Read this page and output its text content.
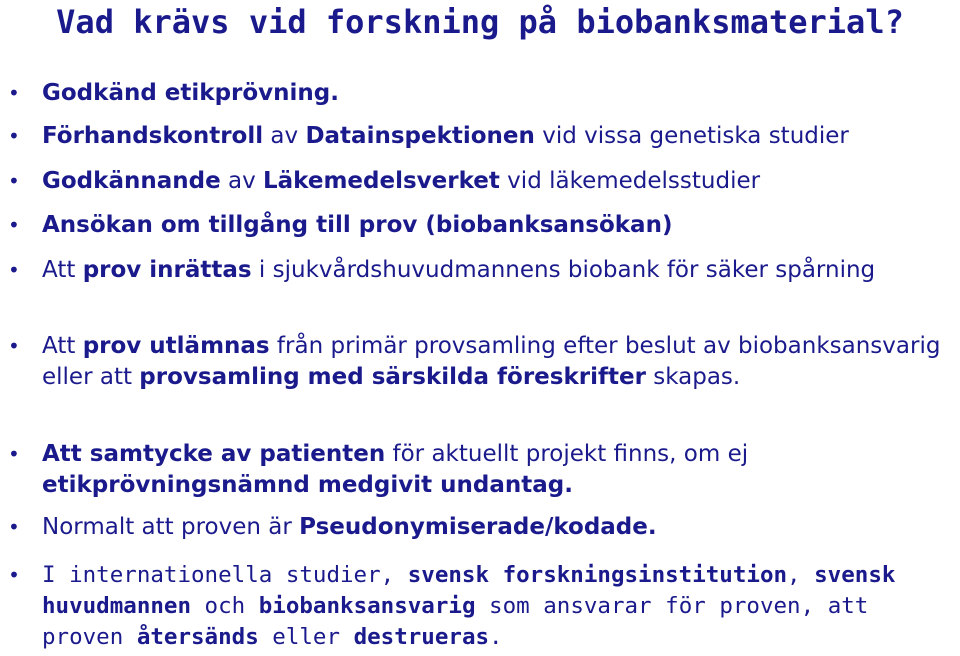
Vad krävs vid forskning på biobanksmaterial?
• Godkänd etikprövning.
• Förhandskontroll av Datainspektionen vid vissa genetiska studier
• Godkännande av Läkemedelsverket vid läkemedelsstudier
• Ansökan om tillgång till prov (biobanksansökan)
• Att prov inrättas i sjukvårdshuvudmannens biobank för säker spårning
• Att prov utlämnas från primär provsamling efter beslut av biobanksansvarig eller att provsamling med särskilda föreskrifter skapas.
• Att samtycke av patienten för aktuellt projekt finns, om ej etikprövningsnämnd medgivit undantag.
• Normalt att proven är Pseudonymiserade/kodade.
• I internationella studier, svensk forskningsinstitution, svensk huvudmannen och biobanksansvarig som ansvarar för proven, att proven återsänds eller destrueras.
